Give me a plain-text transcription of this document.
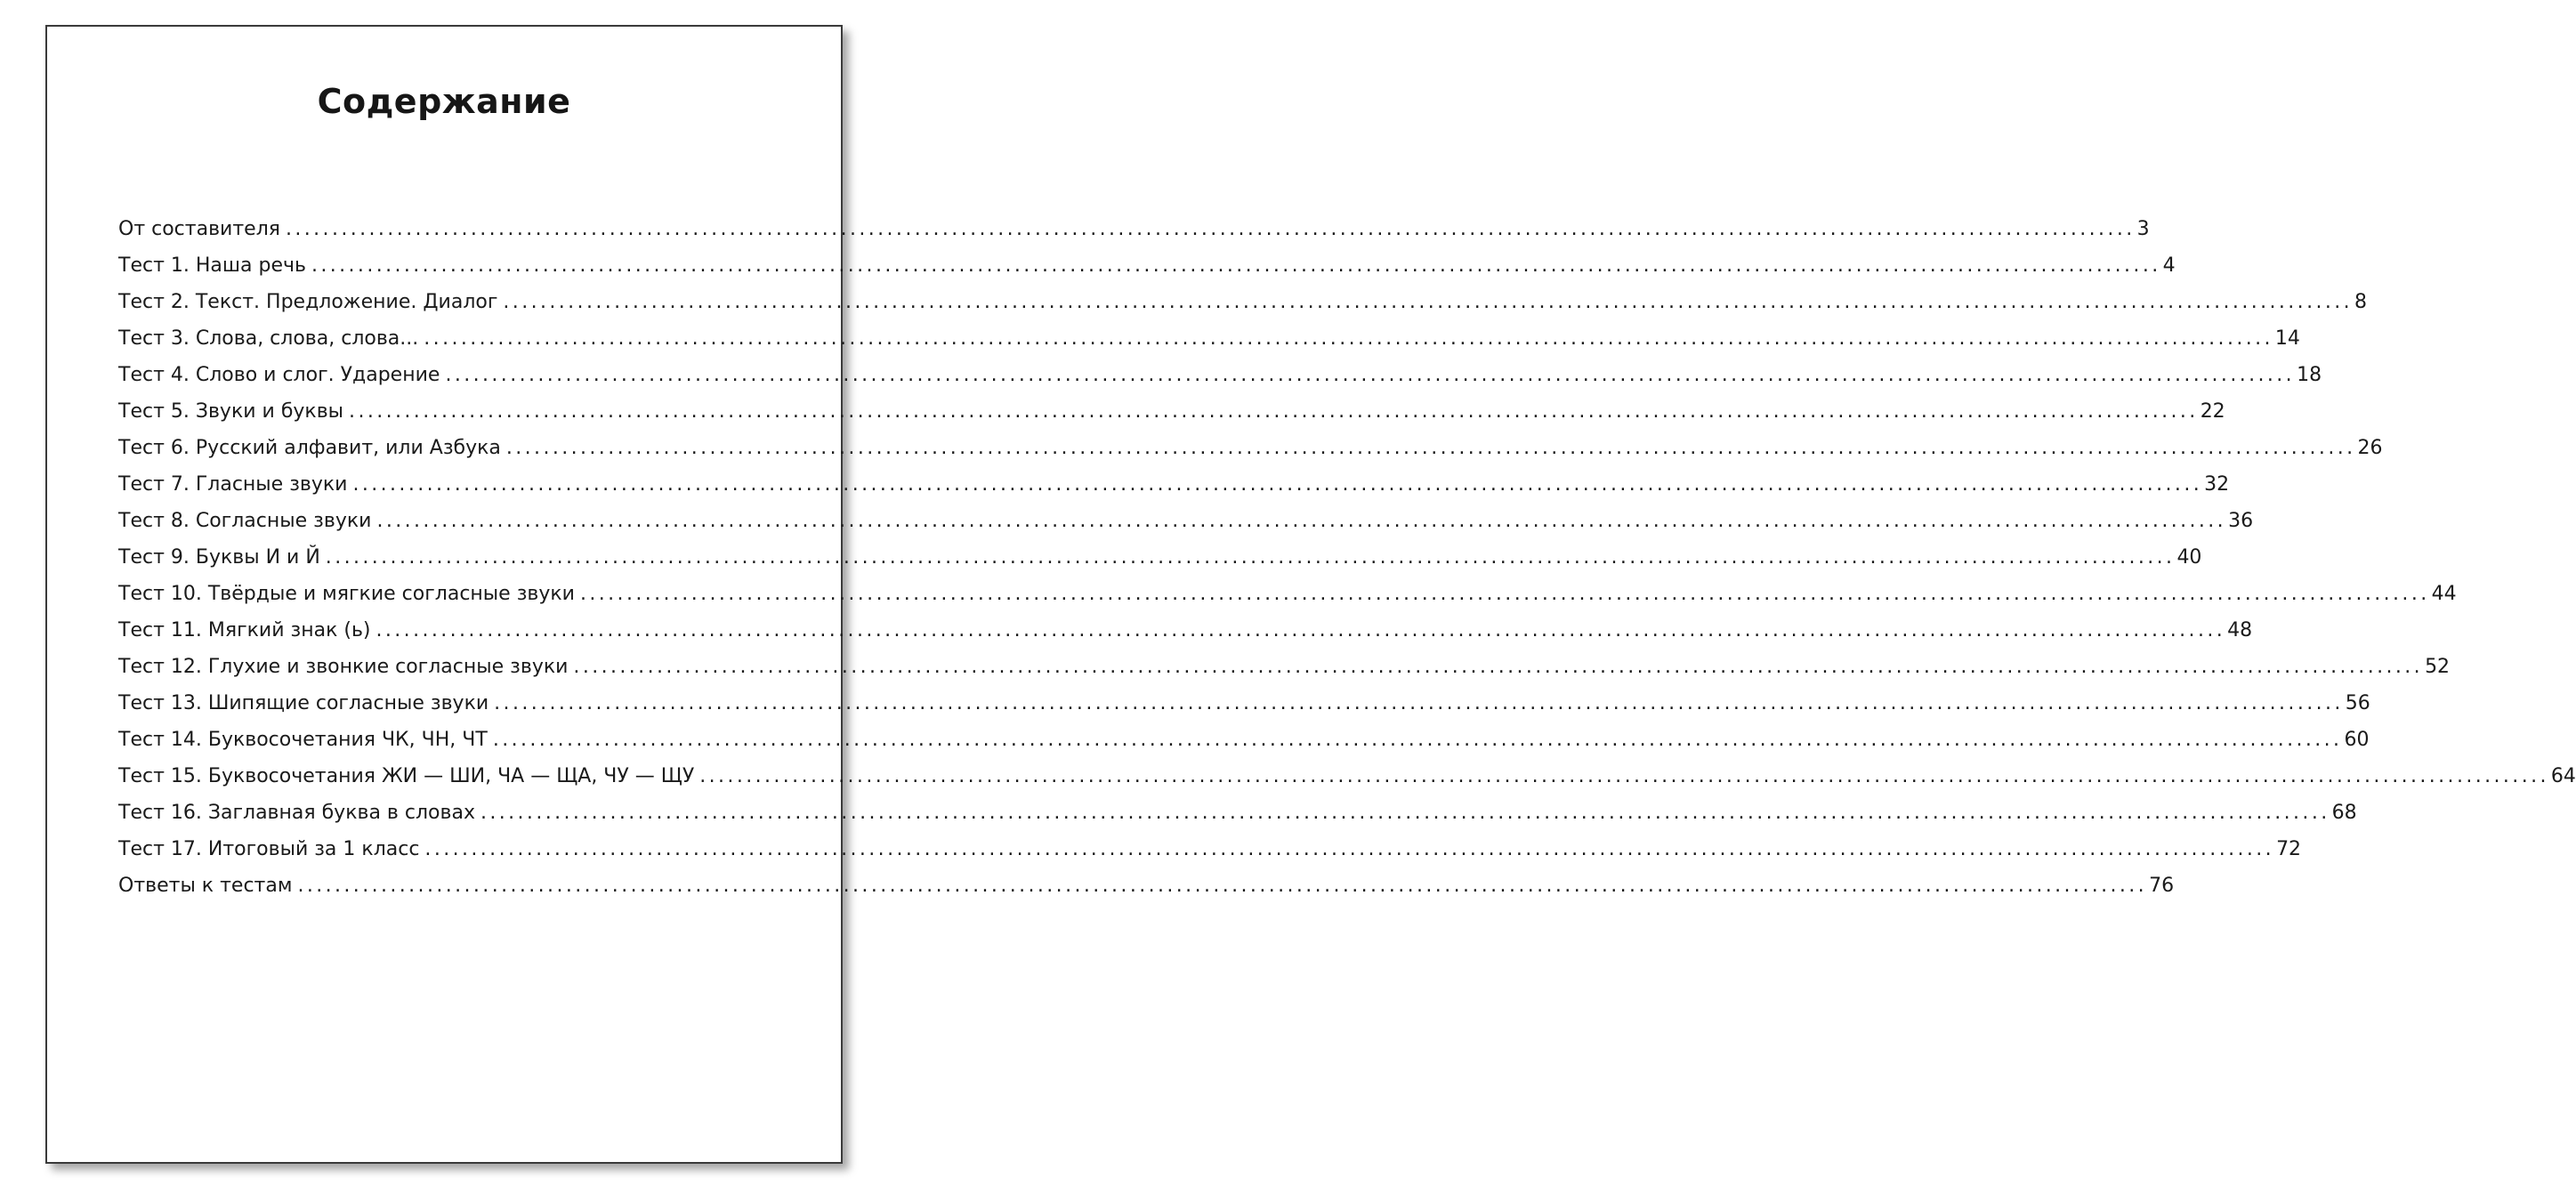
Содержание
От составителя ........................................................................................................................................................................................................ 3
Тест 1. Наша речь ........................................................................................................................................................................................................ 4
Тест 2. Текст. Предложение. Диалог ........................................................................................................................................................................................................ 8
Тест 3. Слова, слова, слова... ........................................................................................................................................................................................................ 14
Тест 4. Слово и слог. Ударение ........................................................................................................................................................................................................ 18
Тест 5. Звуки и буквы ........................................................................................................................................................................................................ 22
Тест 6. Русский алфавит, или Азбука ........................................................................................................................................................................................................ 26
Тест 7. Гласные звуки ........................................................................................................................................................................................................ 32
Тест 8. Согласные звуки ........................................................................................................................................................................................................ 36
Тест 9. Буквы И и Й ........................................................................................................................................................................................................ 40
Тест 10. Твёрдые и мягкие согласные звуки ........................................................................................................................................................................................................ 44
Тест 11. Мягкий знак (ь) ........................................................................................................................................................................................................ 48
Тест 12. Глухие и звонкие согласные звуки ........................................................................................................................................................................................................ 52
Тест 13. Шипящие согласные звуки ........................................................................................................................................................................................................ 56
Тест 14. Буквосочетания ЧК, ЧН, ЧТ ........................................................................................................................................................................................................ 60
Тест 15. Буквосочетания ЖИ — ШИ, ЧА — ЩА, ЧУ — ЩУ ........................................................................................................................................................................................................ 64
Тест 16. Заглавная буква в словах ........................................................................................................................................................................................................ 68
Тест 17. Итоговый за 1 класс ........................................................................................................................................................................................................ 72
Ответы к тестам ........................................................................................................................................................................................................ 76
